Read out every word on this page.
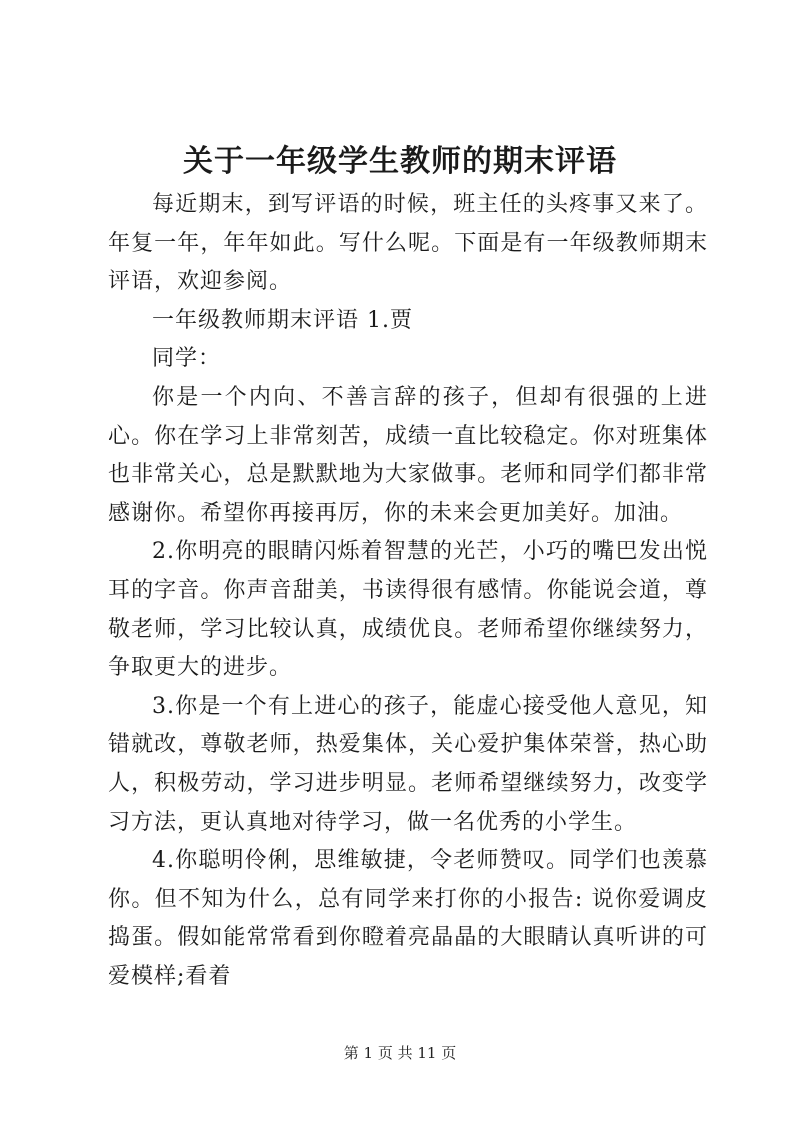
关于一年级学生教师的期末评语

每近期末，到写评语的时候，班主任的头疼事又来了。年复一年，年年如此。写什么呢。下面是有一年级教师期末评语，欢迎参阅。

一年级教师期末评语 1.贾

同学：

你是一个内向、不善言辞的孩子，但却有很强的上进心。你在学习上非常刻苦，成绩一直比较稳定。你对班集体也非常关心，总是默默地为大家做事。老师和同学们都非常感谢你。希望你再接再厉，你的未来会更加美好。加油。

2.你明亮的眼睛闪烁着智慧的光芒，小巧的嘴巴发出悦耳的字音。你声音甜美，书读得很有感情。你能说会道，尊敬老师，学习比较认真，成绩优良。老师希望你继续努力，争取更大的进步。

3.你是一个有上进心的孩子，能虚心接受他人意见，知错就改，尊敬老师，热爱集体，关心爱护集体荣誉，热心助人，积极劳动，学习进步明显。老师希望继续努力，改变学习方法，更认真地对待学习，做一名优秀的小学生。

4.你聪明伶俐，思维敏捷，令老师赞叹。同学们也羡慕你。但不知为什么，总有同学来打你的小报告: 说你爱调皮捣蛋。假如能常常看到你瞪着亮晶晶的大眼睛认真听讲的可爱模样;看着

第 1 页 共 11 页
